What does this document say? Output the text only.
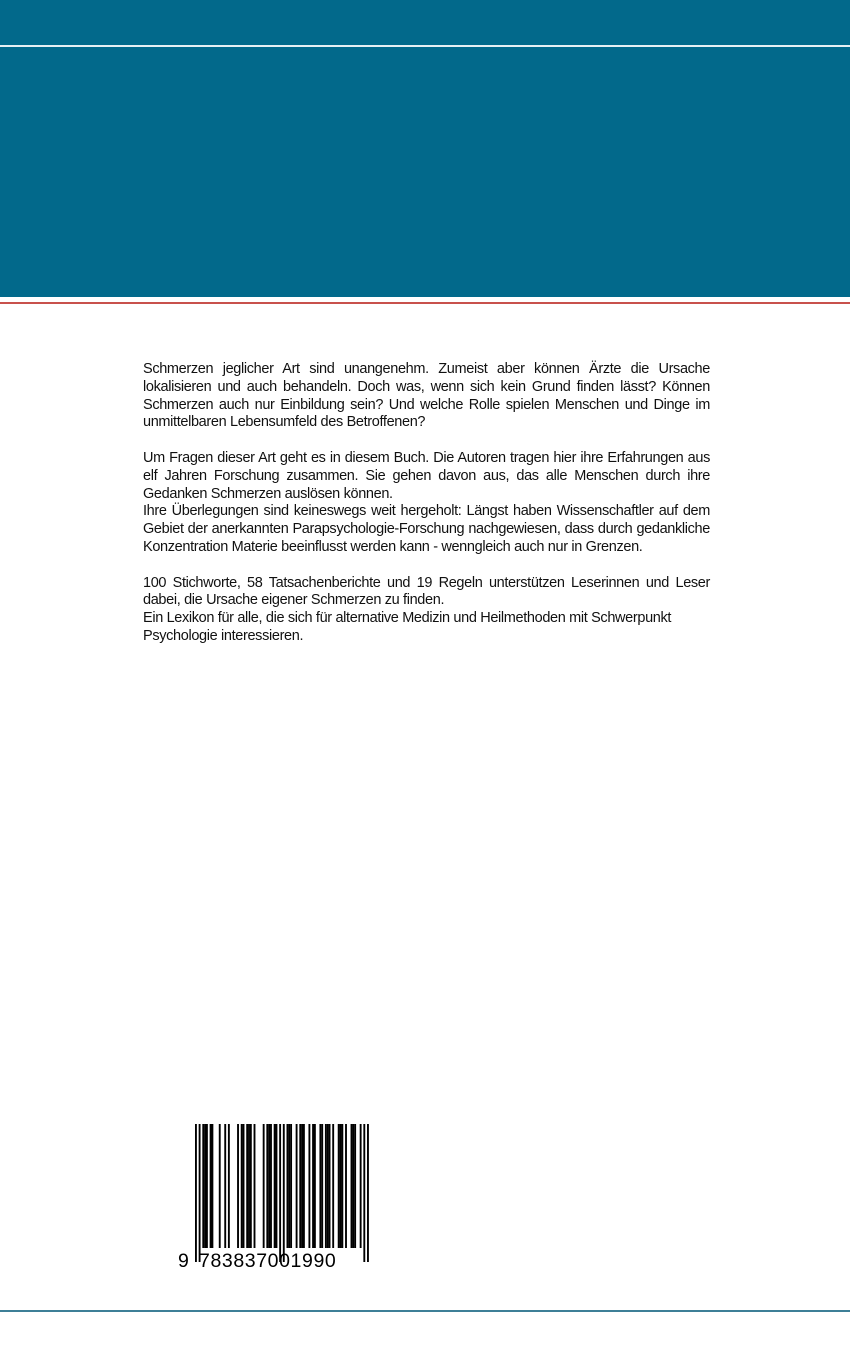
Schmerzen jeglicher Art sind unangenehm. Zumeist aber können Ärzte die Ursache lokalisieren und auch behandeln. Doch was, wenn sich kein Grund finden lässt? Können Schmerzen auch nur Einbildung sein? Und welche Rolle spielen Menschen und Dinge im unmittelbaren Lebensumfeld des Betroffenen?

Um Fragen dieser Art geht es in diesem Buch. Die Autoren tragen hier ihre Erfahrungen aus elf Jahren Forschung zusammen. Sie gehen davon aus, das alle Menschen durch ihre Gedanken Schmerzen auslösen können.

Ihre Überlegungen sind keineswegs weit hergeholt: Längst haben Wissenschaftler auf dem Gebiet der anerkannten Parapsychologie-Forschung nachgewiesen, dass durch gedankliche Konzentration Materie beeinflusst werden kann - wenngleich auch nur in Grenzen.

100 Stichworte, 58 Tatsachenberichte und 19 Regeln unterstützen Leserinnen und Leser dabei, die Ursache eigener Schmerzen zu finden.

Ein Lexikon für alle, die sich für alternative Medizin und Heilmethoden mit Schwerpunkt Psychologie interessieren.

9 783837001990
